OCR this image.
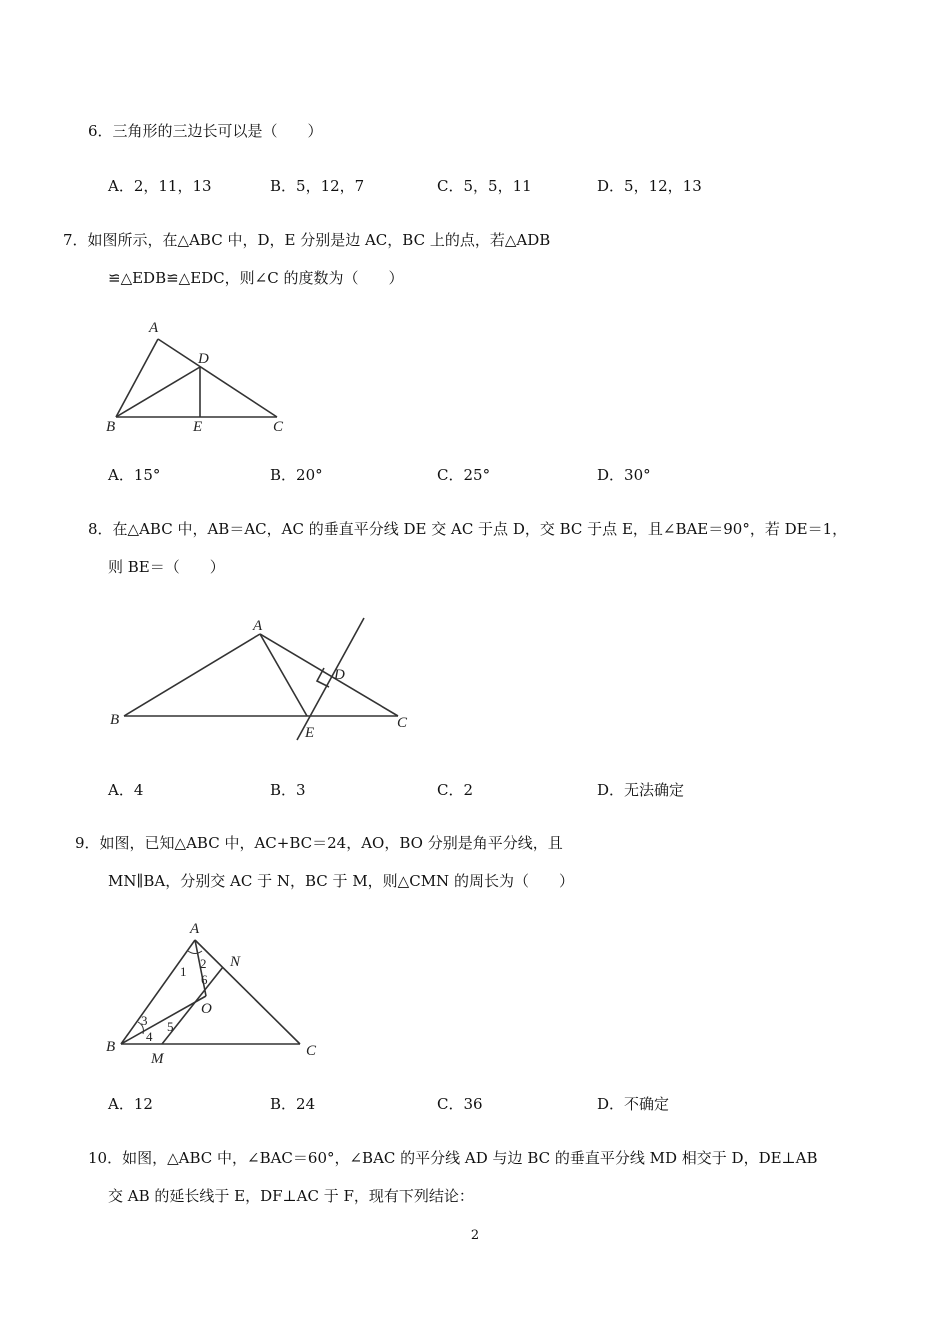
6．三角形的三边长可以是（　　）
A．2，11，13	B．5，12，7	C．5，5，11	D．5，12，13
7．如图所示，在△ABC 中，D，E 分别是边 AC，BC 上的点，若△ADB
≌△EDB≌△EDC，则∠C 的度数为（　　）
A
D
B	E	C
A．15°	B．20°	C．25°	D．30°
8．在△ABC 中，AB＝AC，AC 的垂直平分线 DE 交 AC 于点 D，交 BC 于点 E，且∠BAE＝90°，若 DE＝1，
则 BE＝（　　）
A
D
B
E
C
A．4	B．3	C．2	D．无法确定
9．如图，已知△ABC 中，AC+BC＝24，AO，BO 分别是角平分线，且
MN∥BA，分别交 AC 于 N，BC 于 M，则△CMN 的周长为（　　）
A
N
O
B
M	C
1
2
6
3
4
5
A．12	B．24	C．36	D．不确定
10．如图，△ABC 中，∠BAC＝60°，∠BAC 的平分线 AD 与边 BC 的垂直平分线 MD 相交于 D，DE⊥AB
交 AB 的延长线于 E，DF⊥AC 于 F，现有下列结论：
2
